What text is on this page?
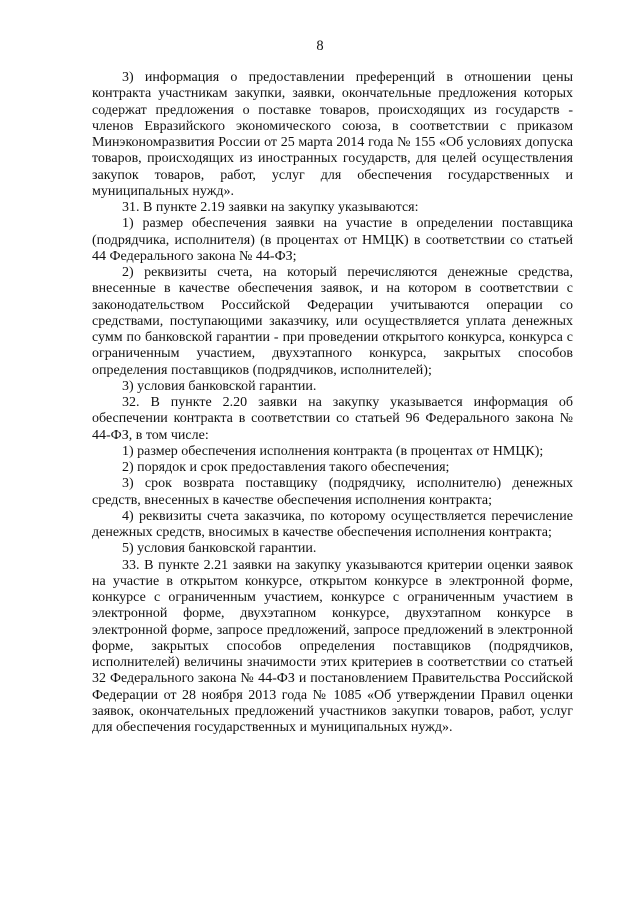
8

3) информация о предоставлении преференций в отношении цены контракта участникам закупки, заявки, окончательные предложения которых содержат предложения о поставке товаров, происходящих из государств - членов Евразийского экономического союза, в соответствии с приказом Минэкономразвития России от 25 марта 2014 года № 155 «Об условиях допуска товаров, происходящих из иностранных государств, для целей осуществления закупок товаров, работ, услуг для обеспечения государственных и муниципальных нужд».

31. В пункте 2.19 заявки на закупку указываются:

1) размер обеспечения заявки на участие в определении поставщика (подрядчика, исполнителя) (в процентах от НМЦК) в соответствии со статьей 44 Федерального закона № 44-ФЗ;

2) реквизиты счета, на который перечисляются денежные средства, внесенные в качестве обеспечения заявок, и на котором в соответствии с законодательством Российской Федерации учитываются операции со средствами, поступающими заказчику, или осуществляется уплата денежных сумм по банковской гарантии - при проведении открытого конкурса, конкурса с ограниченным участием, двухэтапного конкурса, закрытых способов определения поставщиков (подрядчиков, исполнителей);

3) условия банковской гарантии.

32. В пункте 2.20 заявки на закупку указывается информация об обеспечении контракта в соответствии со статьей 96 Федерального закона № 44-ФЗ, в том числе:

1) размер обеспечения исполнения контракта (в процентах от НМЦК);

2) порядок и срок предоставления такого обеспечения;

3) срок возврата поставщику (подрядчику, исполнителю) денежных средств, внесенных в качестве обеспечения исполнения контракта;

4) реквизиты счета заказчика, по которому осуществляется перечисление денежных средств, вносимых в качестве обеспечения исполнения контракта;

5) условия банковской гарантии.

33. В пункте 2.21 заявки на закупку указываются критерии оценки заявок на участие в открытом конкурсе, открытом конкурсе в электронной форме, конкурсе с ограниченным участием, конкурсе с ограниченным участием в электронной форме, двухэтапном конкурсе, двухэтапном конкурсе в электронной форме, запросе предложений, запросе предложений в электронной форме, закрытых способов определения поставщиков (подрядчиков, исполнителей) величины значимости этих критериев в соответствии со статьей 32 Федерального закона № 44-ФЗ и постановлением Правительства Российской Федерации от 28 ноября 2013 года № 1085 «Об утверждении Правил оценки заявок, окончательных предложений участников закупки товаров, работ, услуг для обеспечения государственных и муниципальных нужд».
